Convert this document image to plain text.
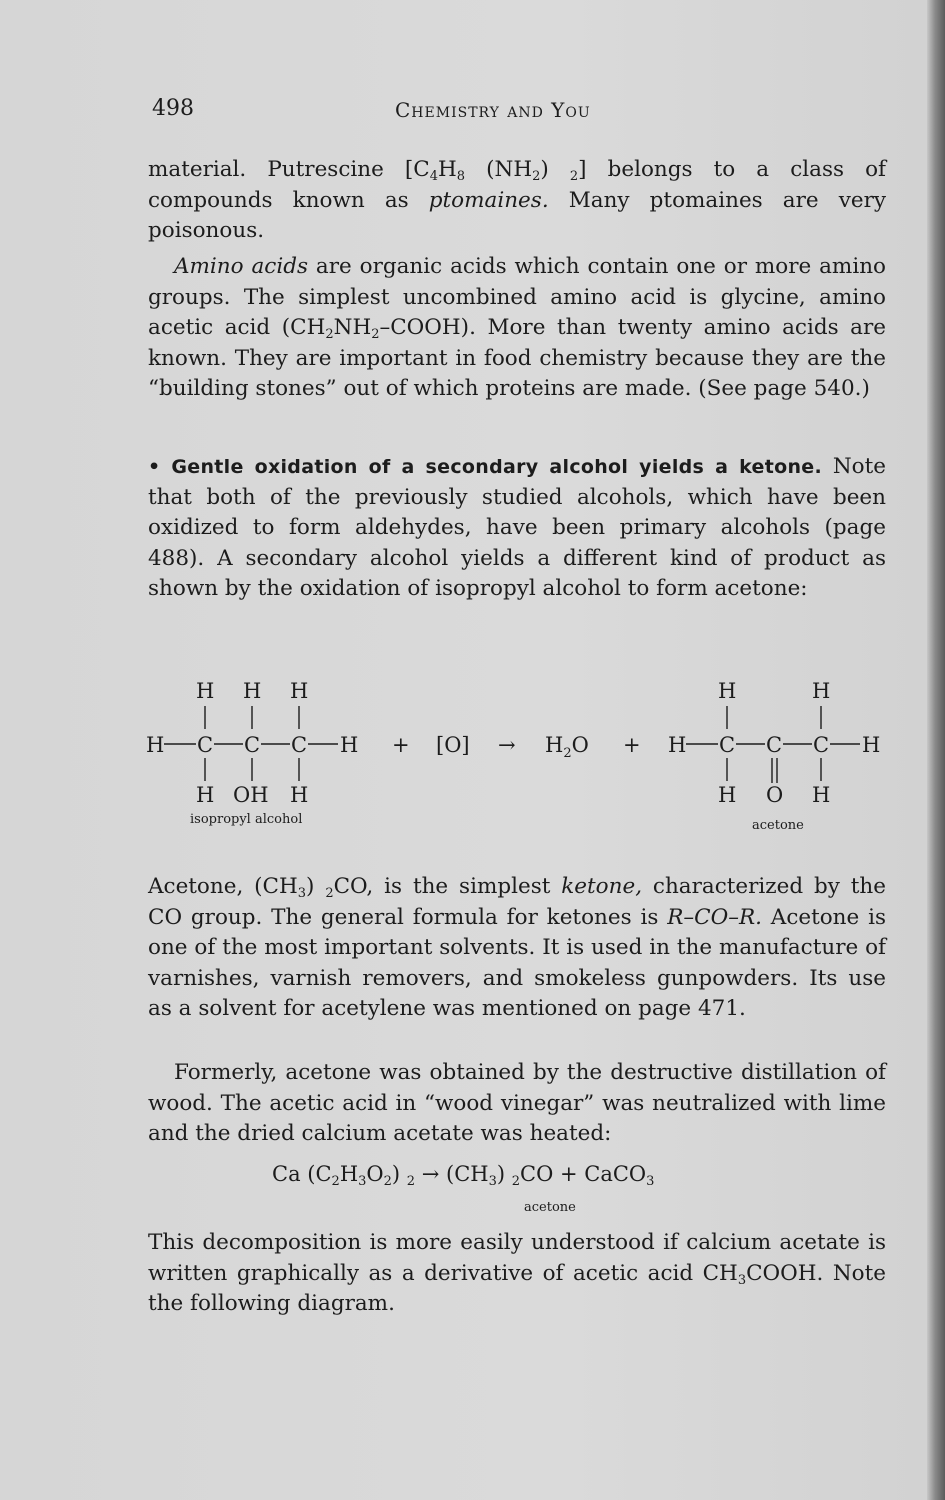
498	Chemistry and You

material. Putrescine [$C_4H_8$ $(NH_2)$ $_2$] belongs to a class of compounds known as ptomaines. Many ptomaines are very poisonous.

Amino acids are organic acids which contain one or more amino groups. The simplest uncombined amino acid is glycine, amino acetic acid $(CH_2NH_2-COOH)$. More than twenty amino acids are known. They are important in food chemistry because they are the “building stones” out of which proteins are made. (See page 540.)

• Gentle oxidation of a secondary alcohol yields a ketone. Note that both of the previously studied alcohols, which have been oxidized to form aldehydes, have been primary alcohols (page 488). A secondary alcohol yields a different kind of product as shown by the oxidation of isopropyl alcohol to form acetone:

H H H
H C C C H
H OH H
isopropyl alcohol
+ $[O] \to H_2O$ +
H	H
H C C C H
H O H
acetone

Acetone, $(CH_3)$ $_2$CO, is the simplest ketone, characterized by the CO group. The general formula for ketones is R–CO–R. Acetone is one of the most important solvents. It is used in the manufacture of varnishes, varnish removers, and smokeless gunpowders. Its use as a solvent for acetylene was mentioned on page 471.

Formerly, acetone was obtained by the destructive distillation of wood. The acetic acid in “wood vinegar” was neutralized with lime and the dried calcium acetate was heated:

Ca $(C_2H_3O_2) _2 \to (CH_3) _2CO$ + CaCO$_3$
acetone

This decomposition is more easily understood if calcium acetate is written graphically as a derivative of acetic acid $CH_3COOH$. Note the following diagram.
